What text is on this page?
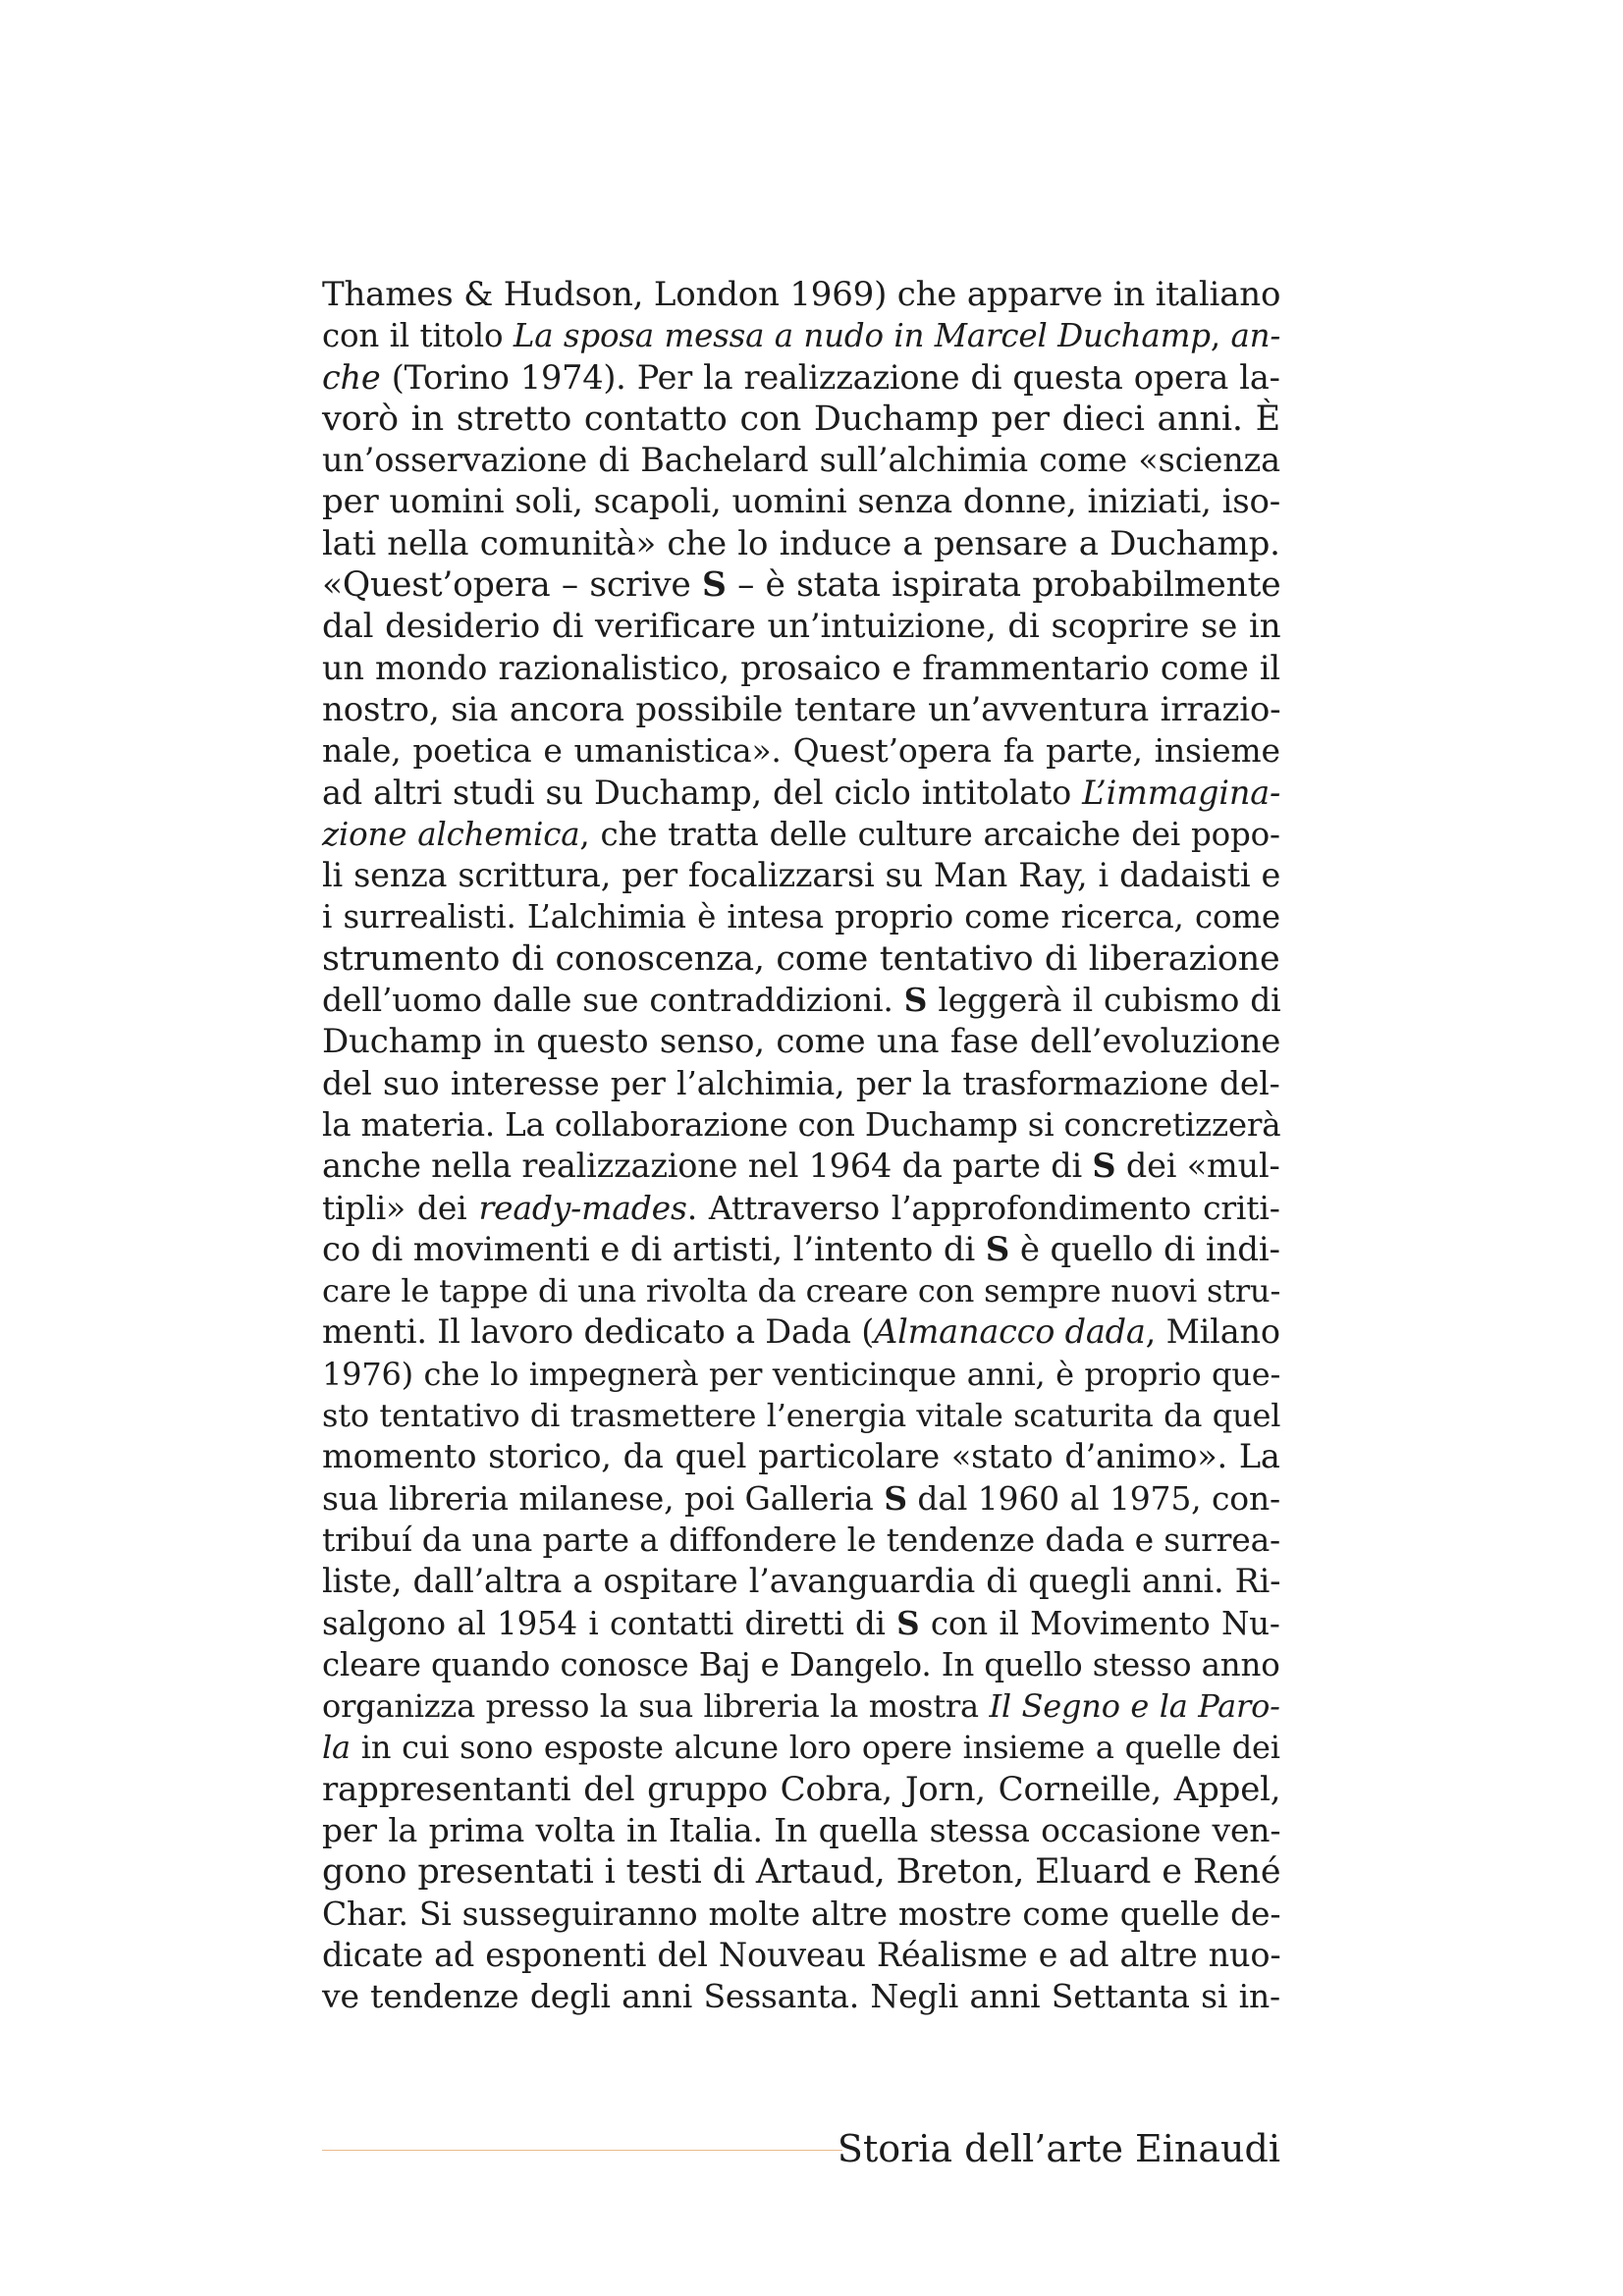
Thames & Hudson, London 1969) che apparve in italiano
con il titolo La sposa messa a nudo in Marcel Duchamp, an-
che (Torino 1974). Per la realizzazione di questa opera la-
vorò in stretto contatto con Duchamp per dieci anni. È
un’osservazione di Bachelard sull’alchimia come «scienza
per uomini soli, scapoli, uomini senza donne, iniziati, iso-
lati nella comunità» che lo induce a pensare a Duchamp.
«Quest’opera – scrive S – è stata ispirata probabilmente
dal desiderio di verificare un’intuizione, di scoprire se in
un mondo razionalistico, prosaico e frammentario come il
nostro, sia ancora possibile tentare un’avventura irrazio-
nale, poetica e umanistica». Quest’opera fa parte, insieme
ad altri studi su Duchamp, del ciclo intitolato L’immagina-
zione alchemica, che tratta delle culture arcaiche dei popo-
li senza scrittura, per focalizzarsi su Man Ray, i dadaisti e
i surrealisti. L’alchimia è intesa proprio come ricerca, come
strumento di conoscenza, come tentativo di liberazione
dell’uomo dalle sue contraddizioni. S leggerà il cubismo di
Duchamp in questo senso, come una fase dell’evoluzione
del suo interesse per l’alchimia, per la trasformazione del-
la materia. La collaborazione con Duchamp si concretizzerà
anche nella realizzazione nel 1964 da parte di S dei «mul-
tipli» dei ready-mades. Attraverso l’approfondimento criti-
co di movimenti e di artisti, l’intento di S è quello di indi-
care le tappe di una rivolta da creare con sempre nuovi stru-
menti. Il lavoro dedicato a Dada (Almanacco dada, Milano
1976) che lo impegnerà per venticinque anni, è proprio que-
sto tentativo di trasmettere l’energia vitale scaturita da quel
momento storico, da quel particolare «stato d’animo». La
sua libreria milanese, poi Galleria S dal 1960 al 1975, con-
tribuí da una parte a diffondere le tendenze dada e surrea-
liste, dall’altra a ospitare l’avanguardia di quegli anni. Ri-
salgono al 1954 i contatti diretti di S con il Movimento Nu-
cleare quando conosce Baj e Dangelo. In quello stesso anno
organizza presso la sua libreria la mostra Il Segno e la Paro-
la in cui sono esposte alcune loro opere insieme a quelle dei
rappresentanti del gruppo Cobra, Jorn, Corneille, Appel,
per la prima volta in Italia. In quella stessa occasione ven-
gono presentati i testi di Artaud, Breton, Eluard e René
Char. Si susseguiranno molte altre mostre come quelle de-
dicate ad esponenti del Nouveau Réalisme e ad altre nuo-
ve tendenze degli anni Sessanta. Negli anni Settanta si in-
Storia dell’arte Einaudi
